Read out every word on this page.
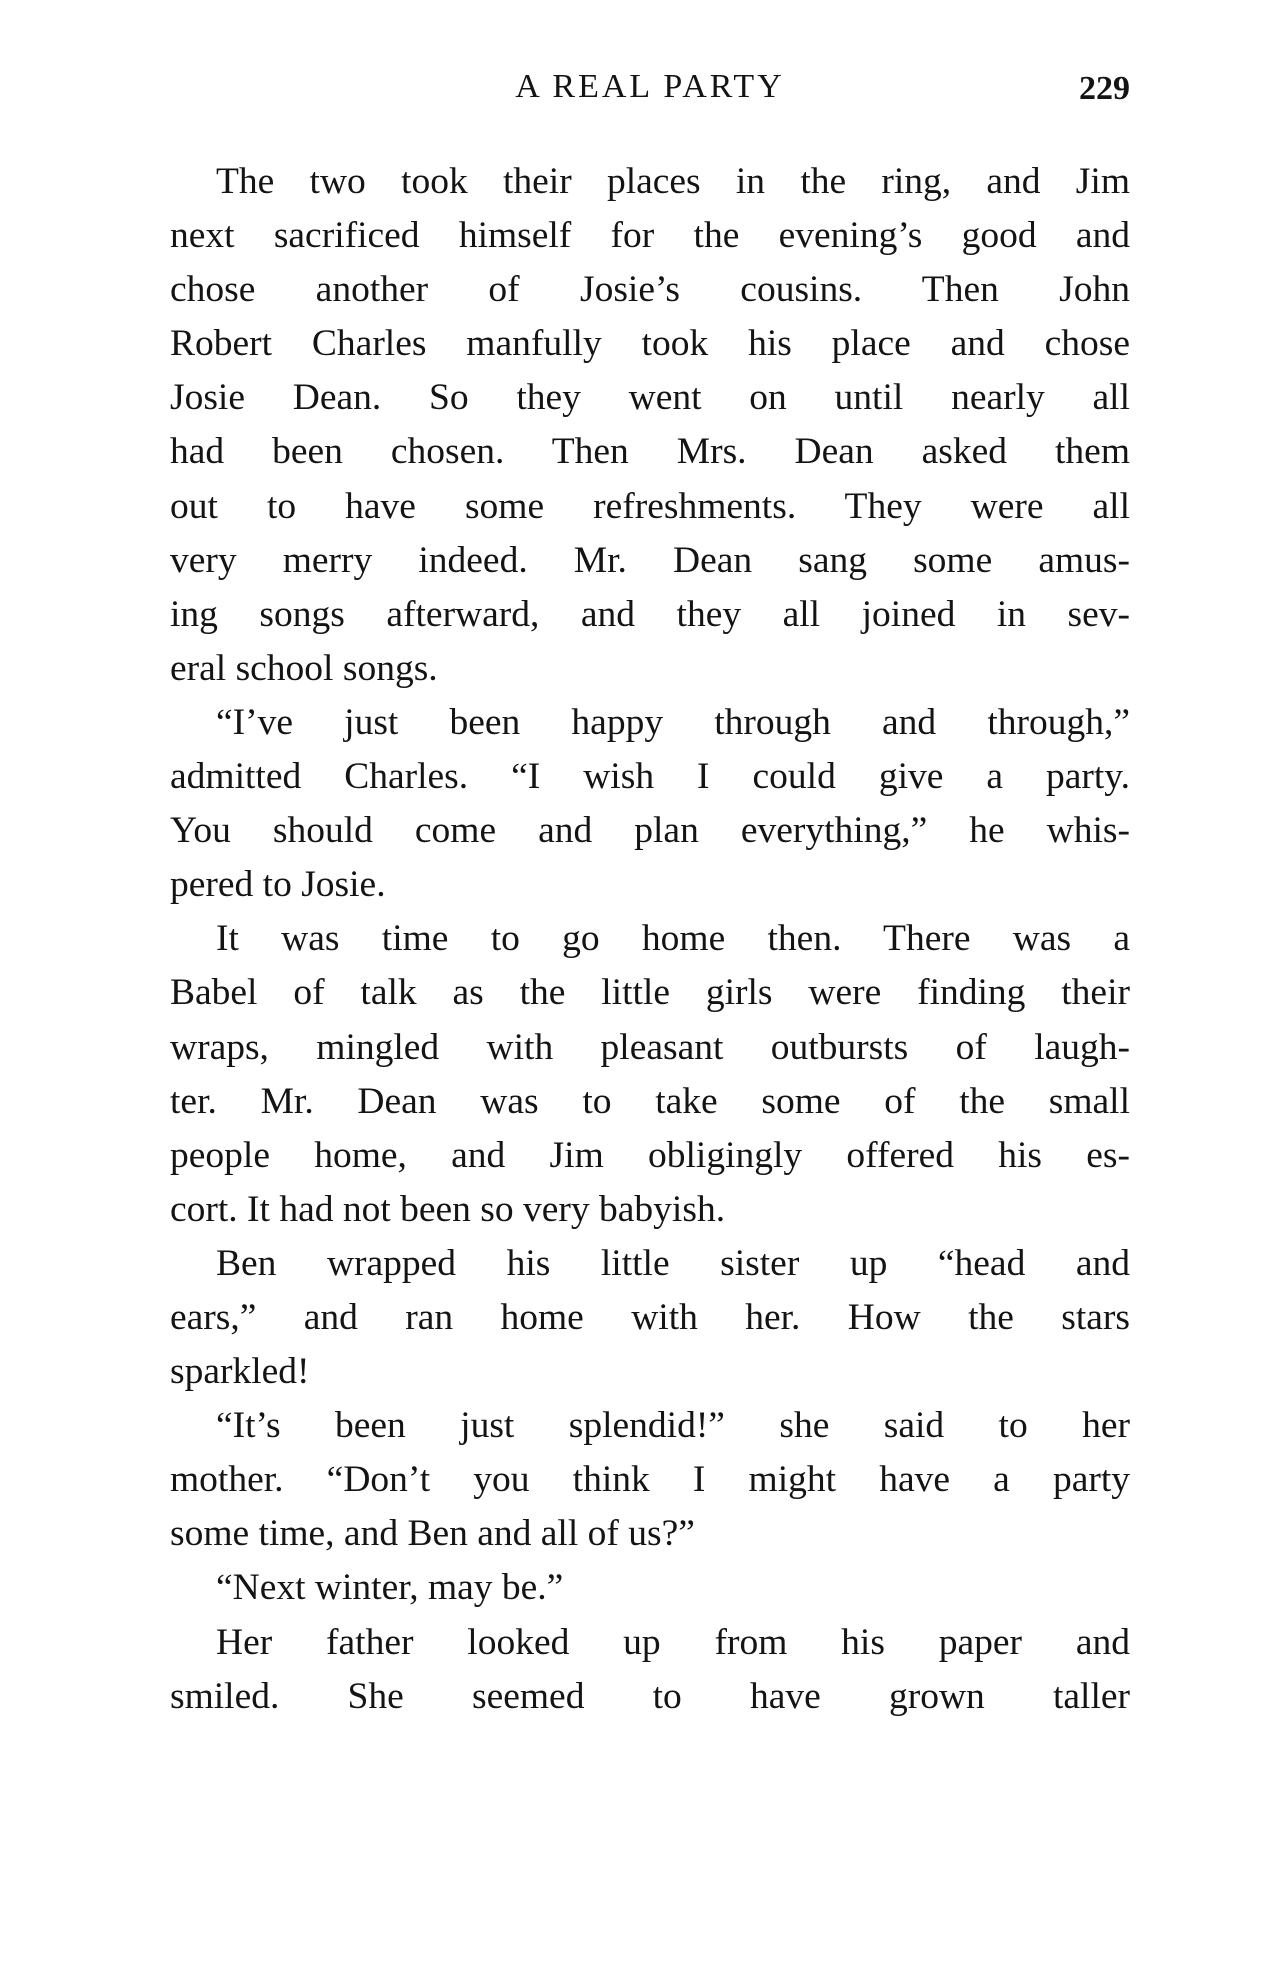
A REAL PARTY	229
The two took their places in the ring, and Jim
next sacrificed himself for the evening’s good and
chose another of Josie’s cousins. Then John
Robert Charles manfully took his place and chose
Josie Dean. So they went on until nearly all
had been chosen. Then Mrs. Dean asked them
out to have some refreshments. They were all
very merry indeed. Mr. Dean sang some amus-
ing songs afterward, and they all joined in sev-
eral school songs.
“I’ve just been happy through and through,”
admitted Charles. “I wish I could give a party.
You should come and plan everything,” he whis-
pered to Josie.
It was time to go home then. There was a
Babel of talk as the little girls were finding their
wraps, mingled with pleasant outbursts of laugh-
ter. Mr. Dean was to take some of the small
people home, and Jim obligingly offered his es-
cort. It had not been so very babyish.
Ben wrapped his little sister up “head and
ears,” and ran home with her. How the stars
sparkled!
“It’s been just splendid!” she said to her
mother. “Don’t you think I might have a party
some time, and Ben and all of us?”
“Next winter, may be.”
Her father looked up from his paper and
smiled. She seemed to have grown taller
